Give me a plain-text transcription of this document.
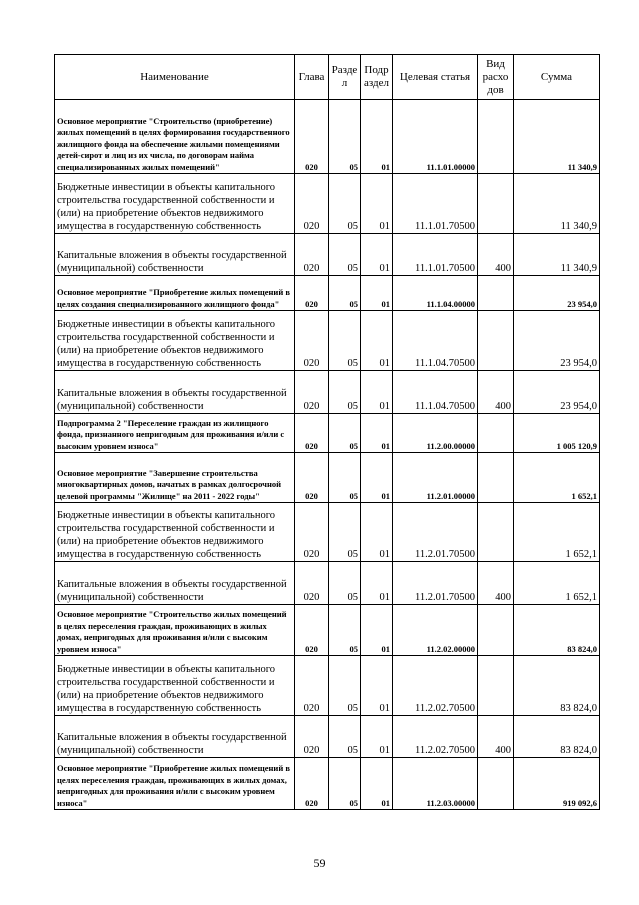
Наименование	Глава	Разде л	Подр аздел	Целевая статья	Вид расхо дов	Сумма
Основное мероприятие "Строительство (приобретение) жилых помещений в целях формирования государственного жилищного фонда на обеспечение жилыми помещениями детей-сирот и лиц из их числа, по договорам найма специализированных жилых помещений"	020	05	01	11.1.01.00000		11 340,9
Бюджетные инвестиции в объекты капитального строительства государственной собственности и (или) на приобретение объектов недвижимого имущества в государственную собственность	020	05	01	11.1.01.70500		11 340,9
Капитальные вложения в объекты государственной (муниципальной) собственности	020	05	01	11.1.01.70500	400	11 340,9
Основное мероприятие "Приобретение жилых помещений в целях создания специализированного жилищного фонда"	020	05	01	11.1.04.00000		23 954,0
Бюджетные инвестиции в объекты капитального строительства государственной собственности и (или) на приобретение объектов недвижимого имущества в государственную собственность	020	05	01	11.1.04.70500		23 954,0
Капитальные вложения в объекты государственной (муниципальной) собственности	020	05	01	11.1.04.70500	400	23 954,0
Подпрограмма 2 "Переселение граждан из жилищного фонда, признанного непригодным для проживания и/или с высоким уровнем износа"	020	05	01	11.2.00.00000		1 005 120,9
Основное мероприятие "Завершение строительства многоквартирных домов, начатых в рамках долгосрочной целевой программы "Жилище" на 2011 - 2022 годы"	020	05	01	11.2.01.00000		1 652,1
Бюджетные инвестиции в объекты капитального строительства государственной собственности и (или) на приобретение объектов недвижимого имущества в государственную собственность	020	05	01	11.2.01.70500		1 652,1
Капитальные вложения в объекты государственной (муниципальной) собственности	020	05	01	11.2.01.70500	400	1 652,1
Основное мероприятие "Строительство жилых помещений в целях переселения граждан, проживающих в жилых домах, непригодных для проживания и/или с высоким уровнем износа"	020	05	01	11.2.02.00000		83 824,0
Бюджетные инвестиции в объекты капитального строительства государственной собственности и (или) на приобретение объектов недвижимого имущества в государственную собственность	020	05	01	11.2.02.70500		83 824,0
Капитальные вложения в объекты государственной (муниципальной) собственности	020	05	01	11.2.02.70500	400	83 824,0
Основное мероприятие "Приобретение жилых помещений в целях переселения граждан, проживающих в жилых домах, непригодных для проживания и/или с высоким уровнем износа"	020	05	01	11.2.03.00000		919 092,6
59
